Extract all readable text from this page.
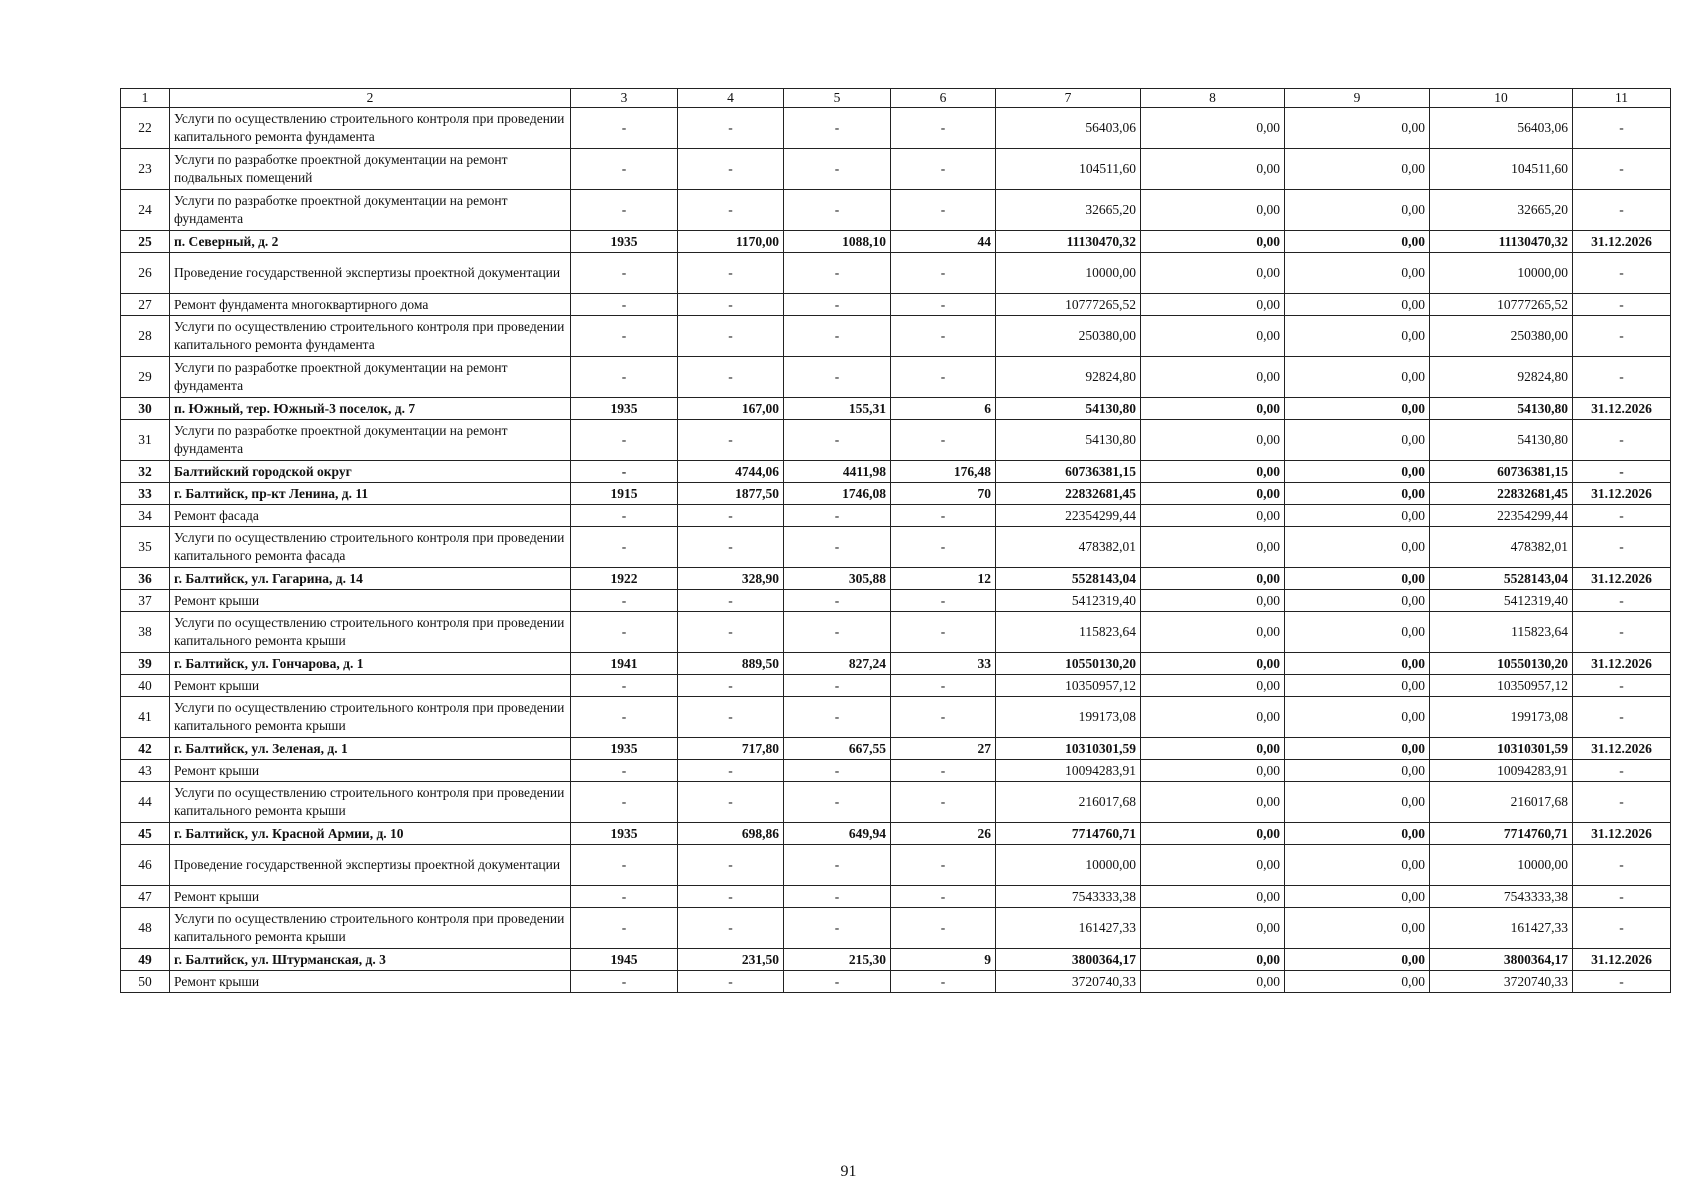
1	2	3	4	5	6	7	8	9	10	11
22	Услуги по осуществлению строительного контроля при проведении капитального ремонта фундамента	-	-	-	-	56403,06	0,00	0,00	56403,06	-
23	Услуги по разработке проектной документации на ремонт подвальных помещений	-	-	-	-	104511,60	0,00	0,00	104511,60	-
24	Услуги по разработке проектной документации на ремонт фундамента	-	-	-	-	32665,20	0,00	0,00	32665,20	-
25	п. Северный, д. 2	1935	1170,00	1088,10	44	11130470,32	0,00	0,00	11130470,32	31.12.2026
26	Проведение государственной экспертизы проектной документации	-	-	-	-	10000,00	0,00	0,00	10000,00	-
27	Ремонт фундамента многоквартирного дома	-	-	-	-	10777265,52	0,00	0,00	10777265,52	-
28	Услуги по осуществлению строительного контроля при проведении капитального ремонта фундамента	-	-	-	-	250380,00	0,00	0,00	250380,00	-
29	Услуги по разработке проектной документации на ремонт фундамента	-	-	-	-	92824,80	0,00	0,00	92824,80	-
30	п. Южный, тер. Южный-3 поселок, д. 7	1935	167,00	155,31	6	54130,80	0,00	0,00	54130,80	31.12.2026
31	Услуги по разработке проектной документации на ремонт фундамента	-	-	-	-	54130,80	0,00	0,00	54130,80	-
32	Балтийский городской округ	-	4744,06	4411,98	176,48	60736381,15	0,00	0,00	60736381,15	-
33	г. Балтийск, пр-кт Ленина, д. 11	1915	1877,50	1746,08	70	22832681,45	0,00	0,00	22832681,45	31.12.2026
34	Ремонт фасада	-	-	-	-	22354299,44	0,00	0,00	22354299,44	-
35	Услуги по осуществлению строительного контроля при проведении капитального ремонта фасада	-	-	-	-	478382,01	0,00	0,00	478382,01	-
36	г. Балтийск, ул. Гагарина, д. 14	1922	328,90	305,88	12	5528143,04	0,00	0,00	5528143,04	31.12.2026
37	Ремонт крыши	-	-	-	-	5412319,40	0,00	0,00	5412319,40	-
38	Услуги по осуществлению строительного контроля при проведении капитального ремонта крыши	-	-	-	-	115823,64	0,00	0,00	115823,64	-
39	г. Балтийск, ул. Гончарова, д. 1	1941	889,50	827,24	33	10550130,20	0,00	0,00	10550130,20	31.12.2026
40	Ремонт крыши	-	-	-	-	10350957,12	0,00	0,00	10350957,12	-
41	Услуги по осуществлению строительного контроля при проведении капитального ремонта крыши	-	-	-	-	199173,08	0,00	0,00	199173,08	-
42	г. Балтийск, ул. Зеленая, д. 1	1935	717,80	667,55	27	10310301,59	0,00	0,00	10310301,59	31.12.2026
43	Ремонт крыши	-	-	-	-	10094283,91	0,00	0,00	10094283,91	-
44	Услуги по осуществлению строительного контроля при проведении капитального ремонта крыши	-	-	-	-	216017,68	0,00	0,00	216017,68	-
45	г. Балтийск, ул. Красной Армии, д. 10	1935	698,86	649,94	26	7714760,71	0,00	0,00	7714760,71	31.12.2026
46	Проведение государственной экспертизы проектной документации	-	-	-	-	10000,00	0,00	0,00	10000,00	-
47	Ремонт крыши	-	-	-	-	7543333,38	0,00	0,00	7543333,38	-
48	Услуги по осуществлению строительного контроля при проведении капитального ремонта крыши	-	-	-	-	161427,33	0,00	0,00	161427,33	-
49	г. Балтийск, ул. Штурманская, д. 3	1945	231,50	215,30	9	3800364,17	0,00	0,00	3800364,17	31.12.2026
50	Ремонт крыши	-	-	-	-	3720740,33	0,00	0,00	3720740,33	-
91
